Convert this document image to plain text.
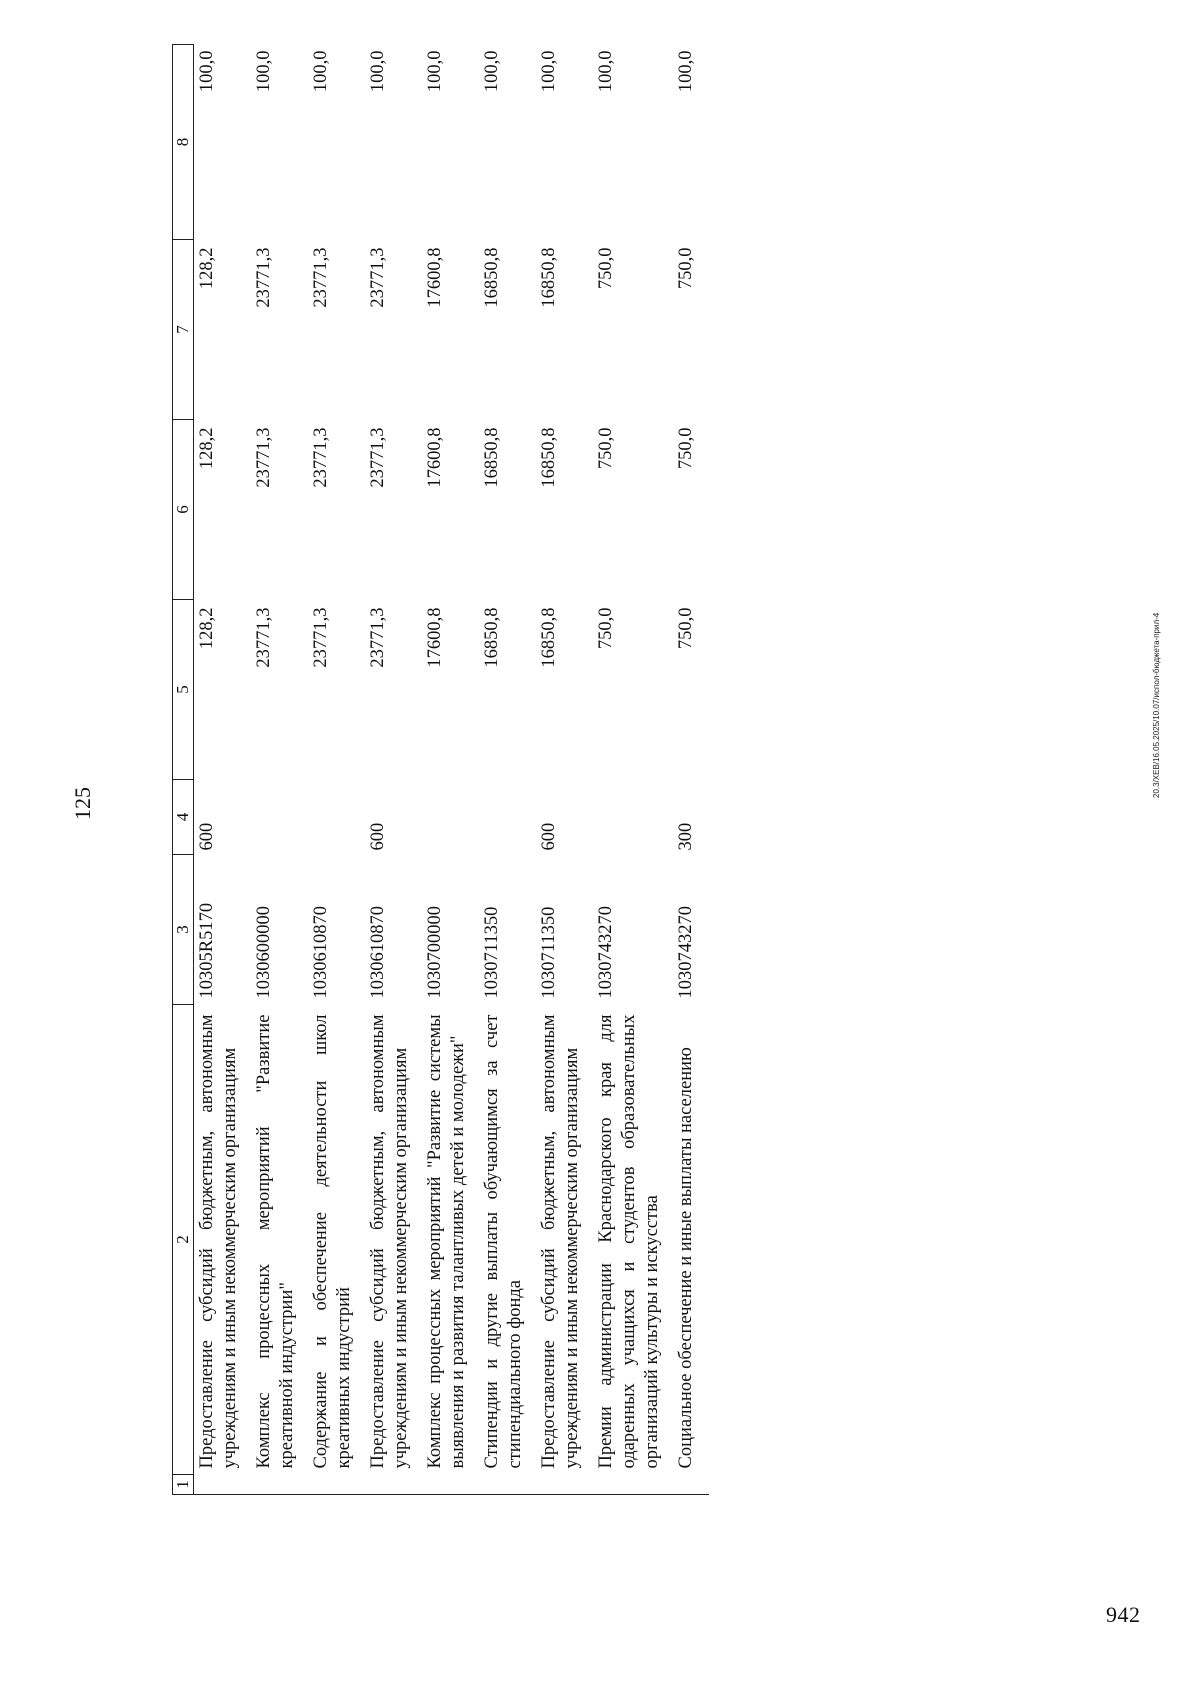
125
1	2	3	4	5	6	7	8
	Предоставление субсидий бюджетным, автономным учреждениям и иным некоммерческим организациям	10305R5170	600	128,2	128,2	128,2	100,0
	Комплекс процессных мероприятий "Развитие креативной индустрии"	1030600000		23771,3	23771,3	23771,3	100,0
	Содержание и обеспечение деятельности школ креативных индустрий	1030610870		23771,3	23771,3	23771,3	100,0
	Предоставление субсидий бюджетным, автономным учреждениям и иным некоммерческим организациям	1030610870	600	23771,3	23771,3	23771,3	100,0
	Комплекс процессных мероприятий "Развитие системы выявления и развития талантливых детей и молодежи"	1030700000		17600,8	17600,8	17600,8	100,0
	Стипендии и другие выплаты обучающимся за счет стипендиального фонда	1030711350		16850,8	16850,8	16850,8	100,0
	Предоставление субсидий бюджетным, автономным учреждениям и иным некоммерческим организациям	1030711350	600	16850,8	16850,8	16850,8	100,0
	Премии администрации Краснодарского края для одаренных учащихся и студентов образовательных организаций культуры и искусства	1030743270		750,0	750,0	750,0	100,0
	Социальное обеспечение и иные выплаты населению	1030743270	300	750,0	750,0	750,0	100,0
20.3/XEB/16.05.2025/10.07/испол-бюджета-прил-4
942
